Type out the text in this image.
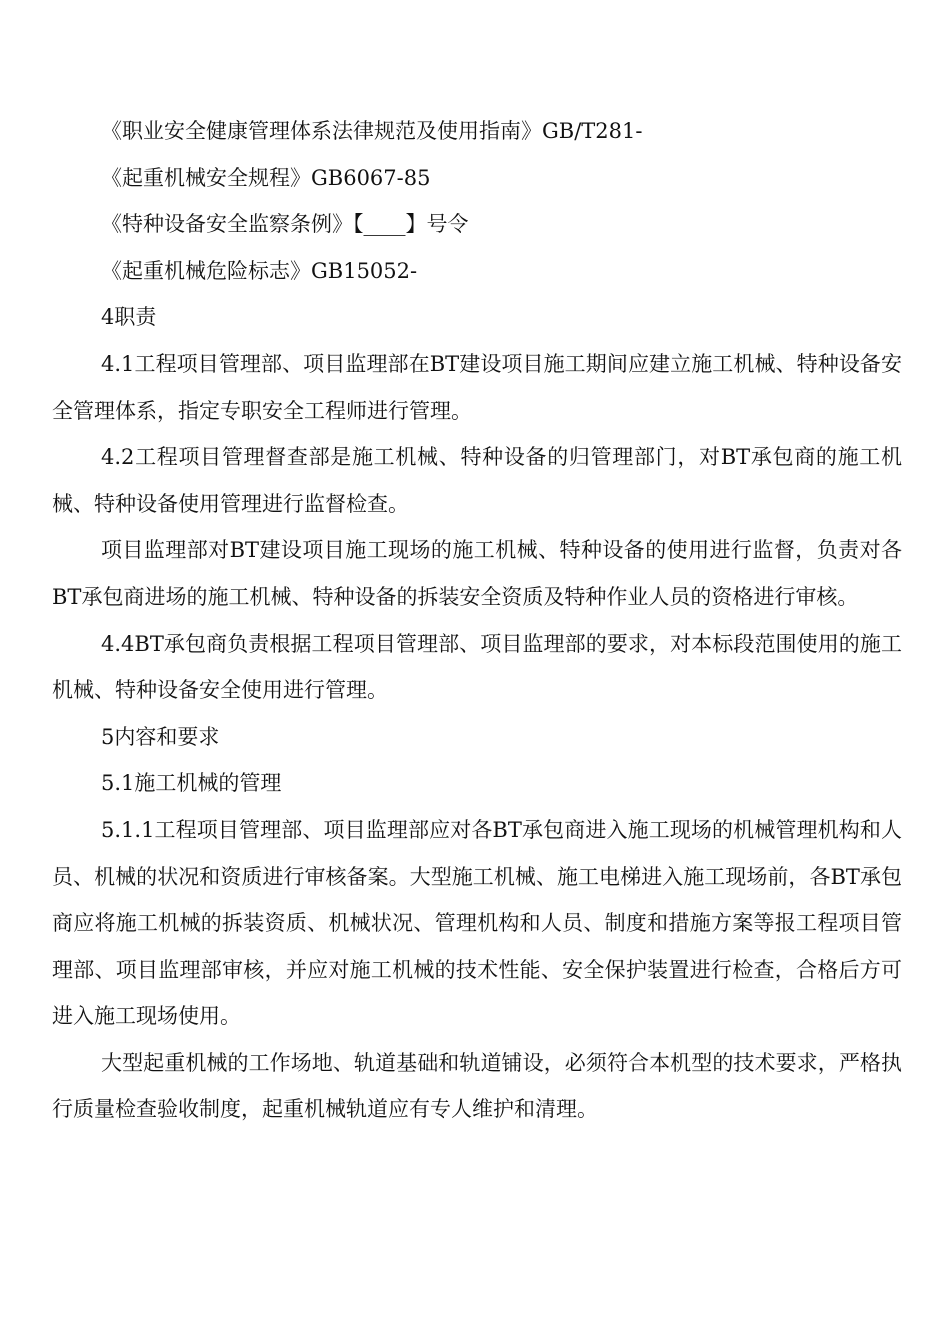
《职业安全健康管理体系法律规范及使用指南》GB/T281-

《起重机械安全规程》GB6067-85

《特种设备安全监察条例》【____】号令

《起重机械危险标志》GB15052-

4职责

4.1工程项目管理部、项目监理部在BT建设项目施工期间应建立施工机械、特种设备安全管理体系，指定专职安全工程师进行管理。

4.2工程项目管理督查部是施工机械、特种设备的归管理部门，对BT承包商的施工机械、特种设备使用管理进行监督检查。

项目监理部对BT建设项目施工现场的施工机械、特种设备的使用进行监督，负责对各BT承包商进场的施工机械、特种设备的拆装安全资质及特种作业人员的资格进行审核。

4.4BT承包商负责根据工程项目管理部、项目监理部的要求，对本标段范围使用的施工机械、特种设备安全使用进行管理。

5内容和要求

5.1施工机械的管理

5.1.1工程项目管理部、项目监理部应对各BT承包商进入施工现场的机械管理机构和人员、机械的状况和资质进行审核备案。大型施工机械、施工电梯进入施工现场前，各BT承包商应将施工机械的拆装资质、机械状况、管理机构和人员、制度和措施方案等报工程项目管理部、项目监理部审核，并应对施工机械的技术性能、安全保护装置进行检查，合格后方可进入施工现场使用。

大型起重机械的工作场地、轨道基础和轨道铺设，必须符合本机型的技术要求，严格执行质量检查验收制度，起重机械轨道应有专人维护和清理。
